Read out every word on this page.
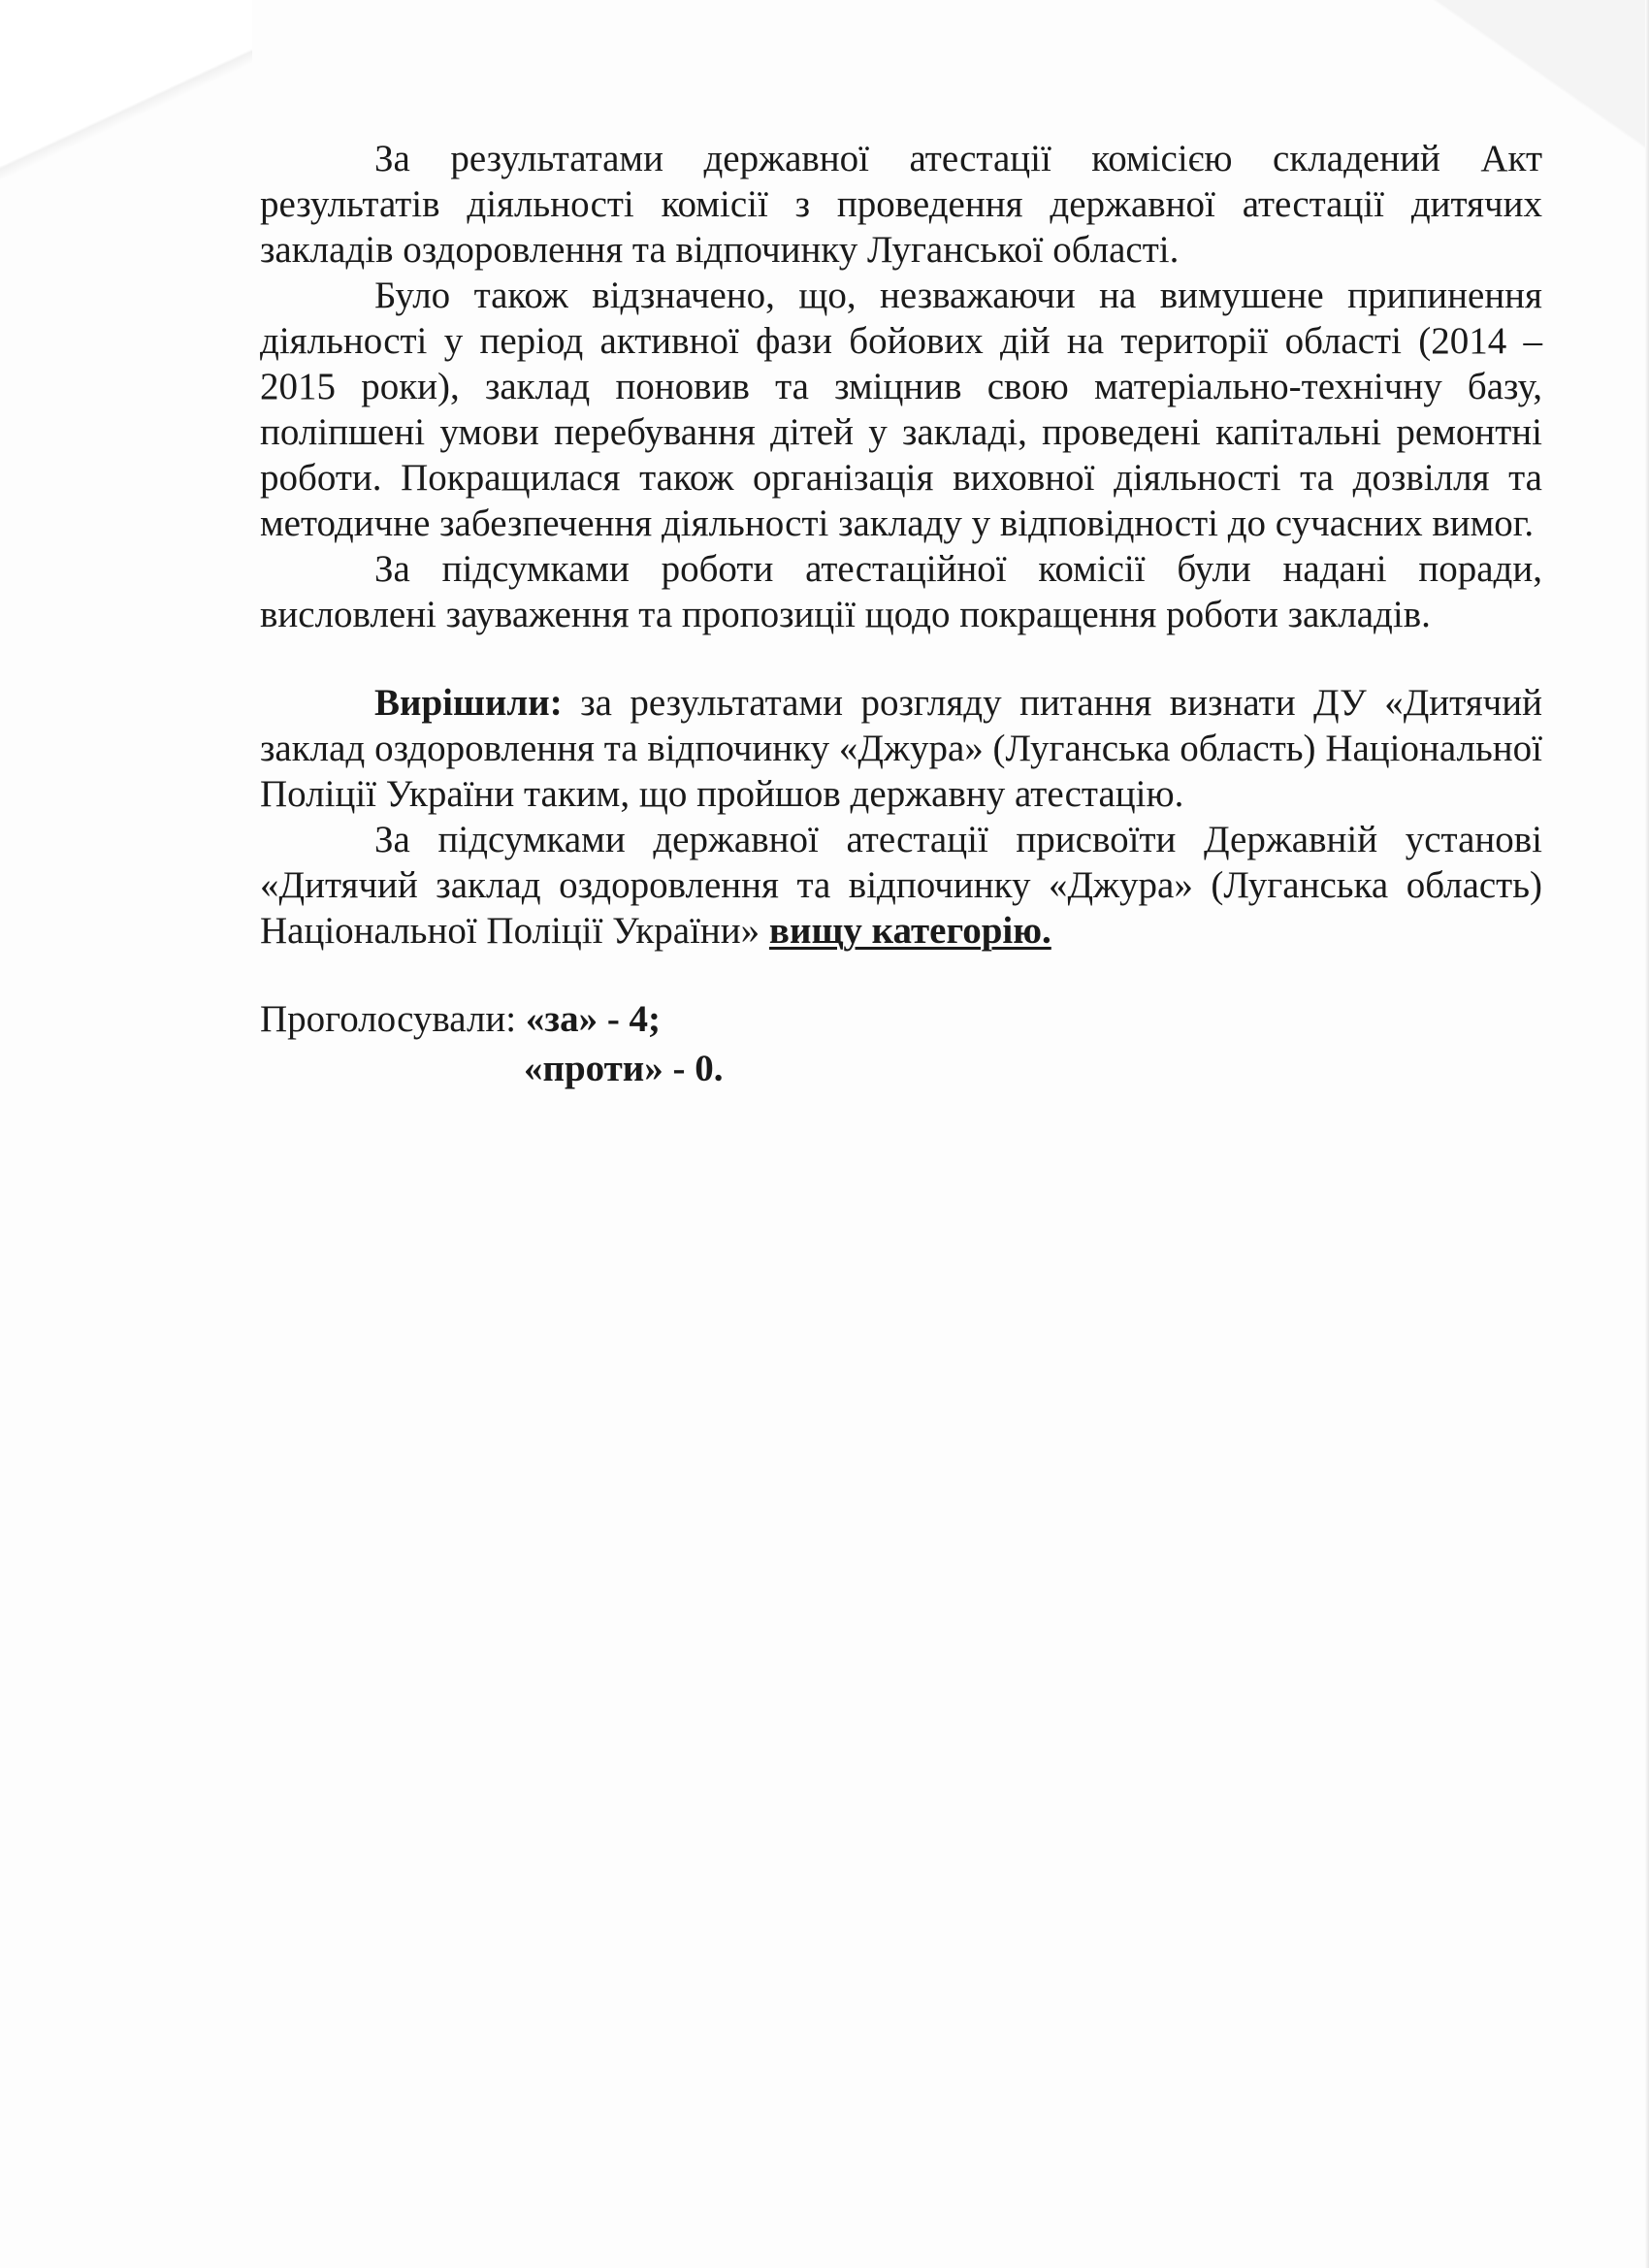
За результатами державної атестації комісією складений Акт результатів діяльності комісії з проведення державної атестації дитячих закладів оздоровлення та відпочинку Луганської області.

Було також відзначено, що, незважаючи на вимушене припинення діяльності у період активної фази бойових дій на території області (2014 – 2015 роки), заклад поновив та зміцнив свою матеріально-технічну базу, поліпшені умови перебування дітей у закладі, проведені капітальні ремонтні роботи. Покращилася також організація виховної діяльності та дозвілля та методичне забезпечення діяльності закладу у відповідності до сучасних вимог.

За підсумками роботи атестаційної комісії були надані поради, висловлені зауваження та пропозиції щодо покращення роботи закладів.

Вирішили: за результатами розгляду питання визнати ДУ «Дитячий заклад оздоровлення та відпочинку «Джура» (Луганська область) Національної Поліції України таким, що пройшов державну атестацію.

За підсумками державної атестації присвоїти Державній установі «Дитячий заклад оздоровлення та відпочинку «Джура» (Луганська область) Національної Поліції України» вищу категорію.

Проголосували: «за» - 4;

«проти» - 0.
